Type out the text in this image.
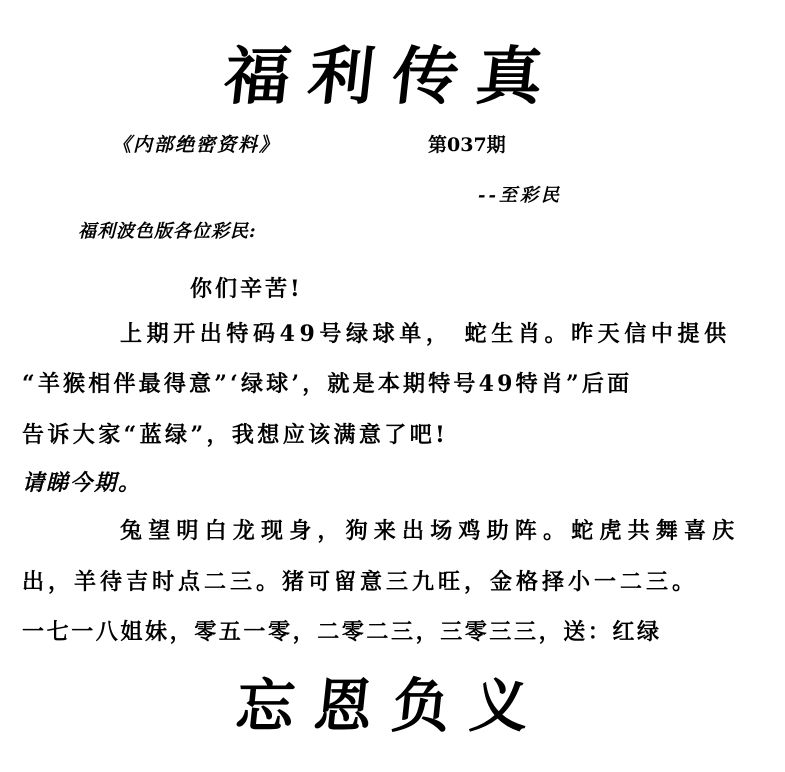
福利传真
《内部绝密资料》	第037期
--至彩民
福利波色版各位彩民:
你们辛苦!
上期开出特码49号绿球单， 蛇生肖。昨天信中提供
“羊猴相伴最得意”‘绿球’，就是本期特号49特肖”后面
告诉大家“蓝绿”，我想应该满意了吧!
请睇今期。
兔望明白龙现身，狗来出场鸡助阵。蛇虎共舞喜庆
出，羊待吉时点二三。猪可留意三九旺，金格择小一二三。
一七一八姐妹，零五一零，二零二三，三零三三，送：红绿
忘恩负义
